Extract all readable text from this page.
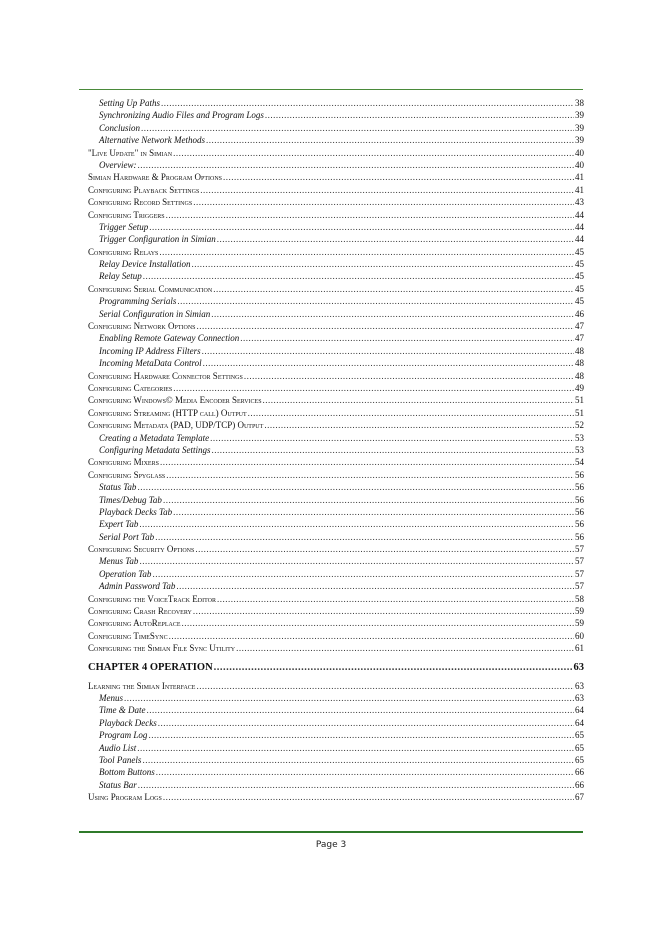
Setting Up Paths .....	38
Synchronizing Audio Files and Program Logs .....	39
Conclusion .....	39
Alternative Network Methods .....	39
"Live Update" in Simian .....	40
Overview: .....	40
Simian Hardware & Program Options .....	41
Configuring Playback Settings .....	41
Configuring Record Settings .....	43
Configuring Triggers .....	44
Trigger Setup .....	44
Trigger Configuration in Simian .....	44
Configuring Relays .....	45
Relay Device Installation .....	45
Relay Setup .....	45
Configuring Serial Communication .....	45
Programming Serials .....	45
Serial Configuration in Simian .....	46
Configuring Network Options .....	47
Enabling Remote Gateway Connection .....	47
Incoming IP Address Filters .....	48
Incoming MetaData Control .....	48
Configuring Hardware Connector Settings .....	48
Configuring Categories .....	49
Configuring Windows© Media Encoder Services .....	51
Configuring Streaming (HTTP call) Output .....	51
Configuring Metadata (PAD, UDP/TCP) Output .....	52
Creating a Metadata Template .....	53
Configuring Metadata Settings .....	53
Configuring Mixers .....	54
Configuring Spyglass .....	56
Status Tab .....	56
Times/Debug Tab .....	56
Playback Decks Tab .....	56
Expert Tab .....	56
Serial Port Tab .....	56
Configuring Security Options .....	57
Menus Tab .....	57
Operation Tab .....	57
Admin Password Tab .....	57
Configuring the VoiceTrack Editor .....	58
Configuring Crash Recovery .....	59
Configuring AutoReplace .....	59
Configuring TimeSync .....	60
Configuring the Simian File Sync Utility .....	61
CHAPTER 4 OPERATION .....	63
Learning the Simian Interface .....	63
Menus .....	63
Time & Date .....	64
Playback Decks .....	64
Program Log .....	65
Audio List .....	65
Tool Panels .....	65
Bottom Buttons .....	66
Status Bar .....	66
Using Program Logs .....	67
Page 3
